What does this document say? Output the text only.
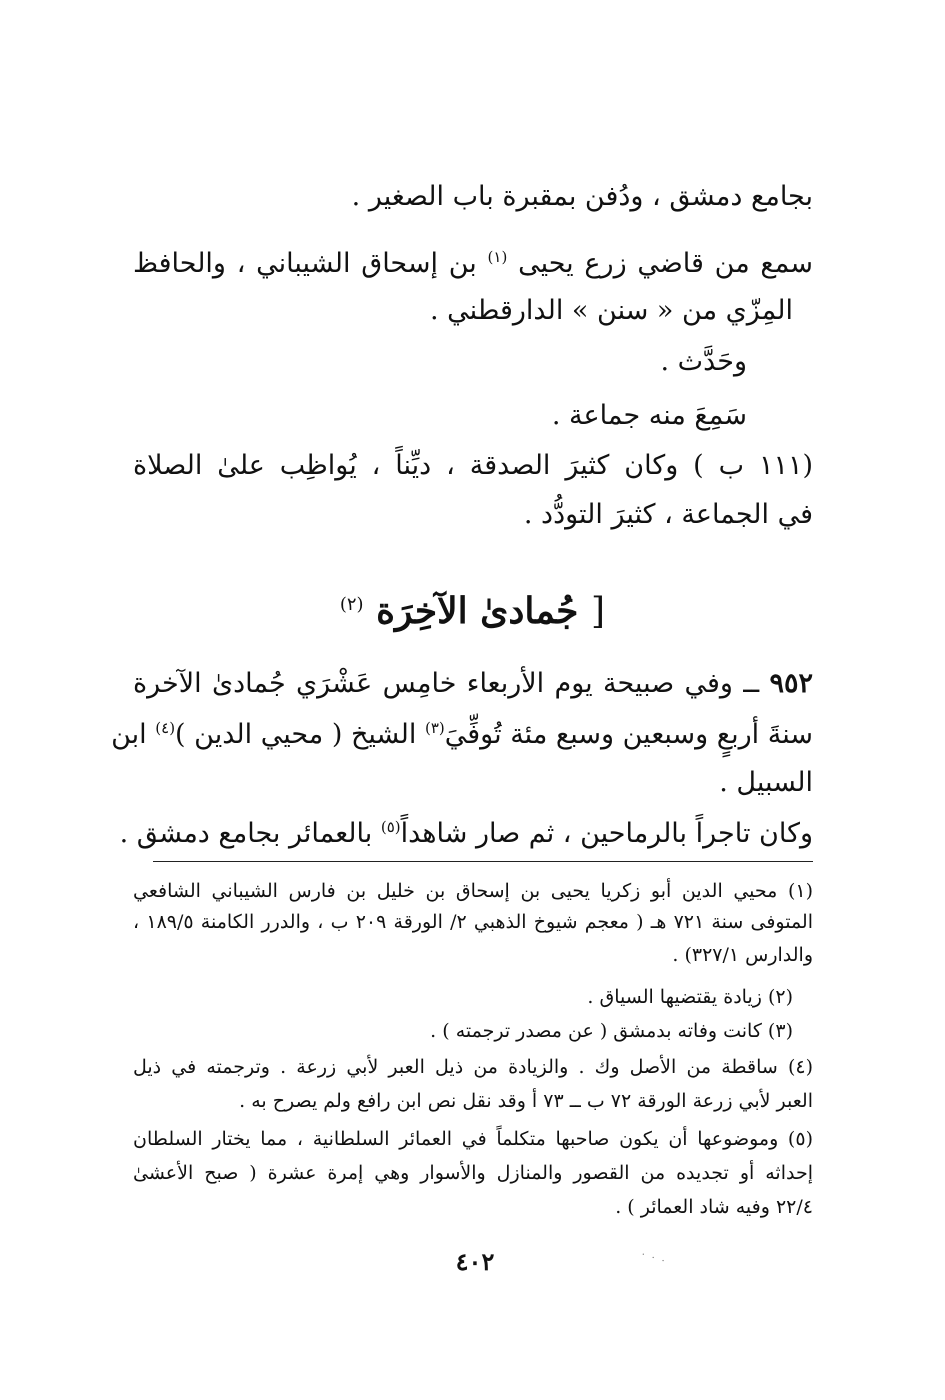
بجامع دمشق ، ودُفن بمقبرة باب الصغير .
سمع من قاضي زرع يحيى $^{(١)}$ بن إسحاق الشيباني ، والحافظ
المِزّي من « سنن » الدارقطني .
وحَدَّث .
سَمِعَ منه جماعة .
(١١١ ب ) وكان كثيرَ الصدقة ، ديِّناً ، يُواظِب علىٰ الصلاة
في الجماعة ، كثيرَ التودُّد .
[ جُمادىٰ الآخِرَة $^{(٢)}$
٩٥٢ ــ وفي صبيحة يوم الأربعاء خامِس عَشْرَي جُمادىٰ الآخرة
سنةَ أربعٍ وسبعين وسبع مئة تُوفِّيَ$^{(٣)}$ الشيخ ( محيي الدين )$^{(٤)}$ ابن
السبيل .
وكان تاجراً بالرماحين ، ثم صار شاهداً$^{(٥)}$ بالعمائر بجامع دمشق .
(١) محيي الدين أبو زكريا يحيى بن إسحاق بن خليل بن فارس الشيباني الشافعي
المتوفى سنة ٧٢١ هـ ( معجم شيوخ الذهبي ٢/ الورقة ٢٠٩ ب ، والدرر الكامنة ١٨٩/٥ ،
والدارس ٣٢٧/١) .
(٢) زيادة يقتضيها السياق .
(٣) كانت وفاته بدمشق ( عن مصدر ترجمته ) .
(٤) ساقطة من الأصل وك . والزيادة من ذيل العبر لأبي زرعة . وترجمته في ذيل
العبر لأبي زرعة الورقة ٧٢ ب ــ ٧٣ أ وقد نقل نص ابن رافع ولم يصرح به .
(٥) وموضوعها أن يكون صاحبها متكلماً في العمائر السلطانية ، مما يختار السلطان
إحداثه أو تجديده من القصور والمنازل والأسوار وهي إمرة عشرة ( صبح الأعشىٰ
٢٢/٤ وفيه شاد العمائر ) .
٤٠٢	· · ·
